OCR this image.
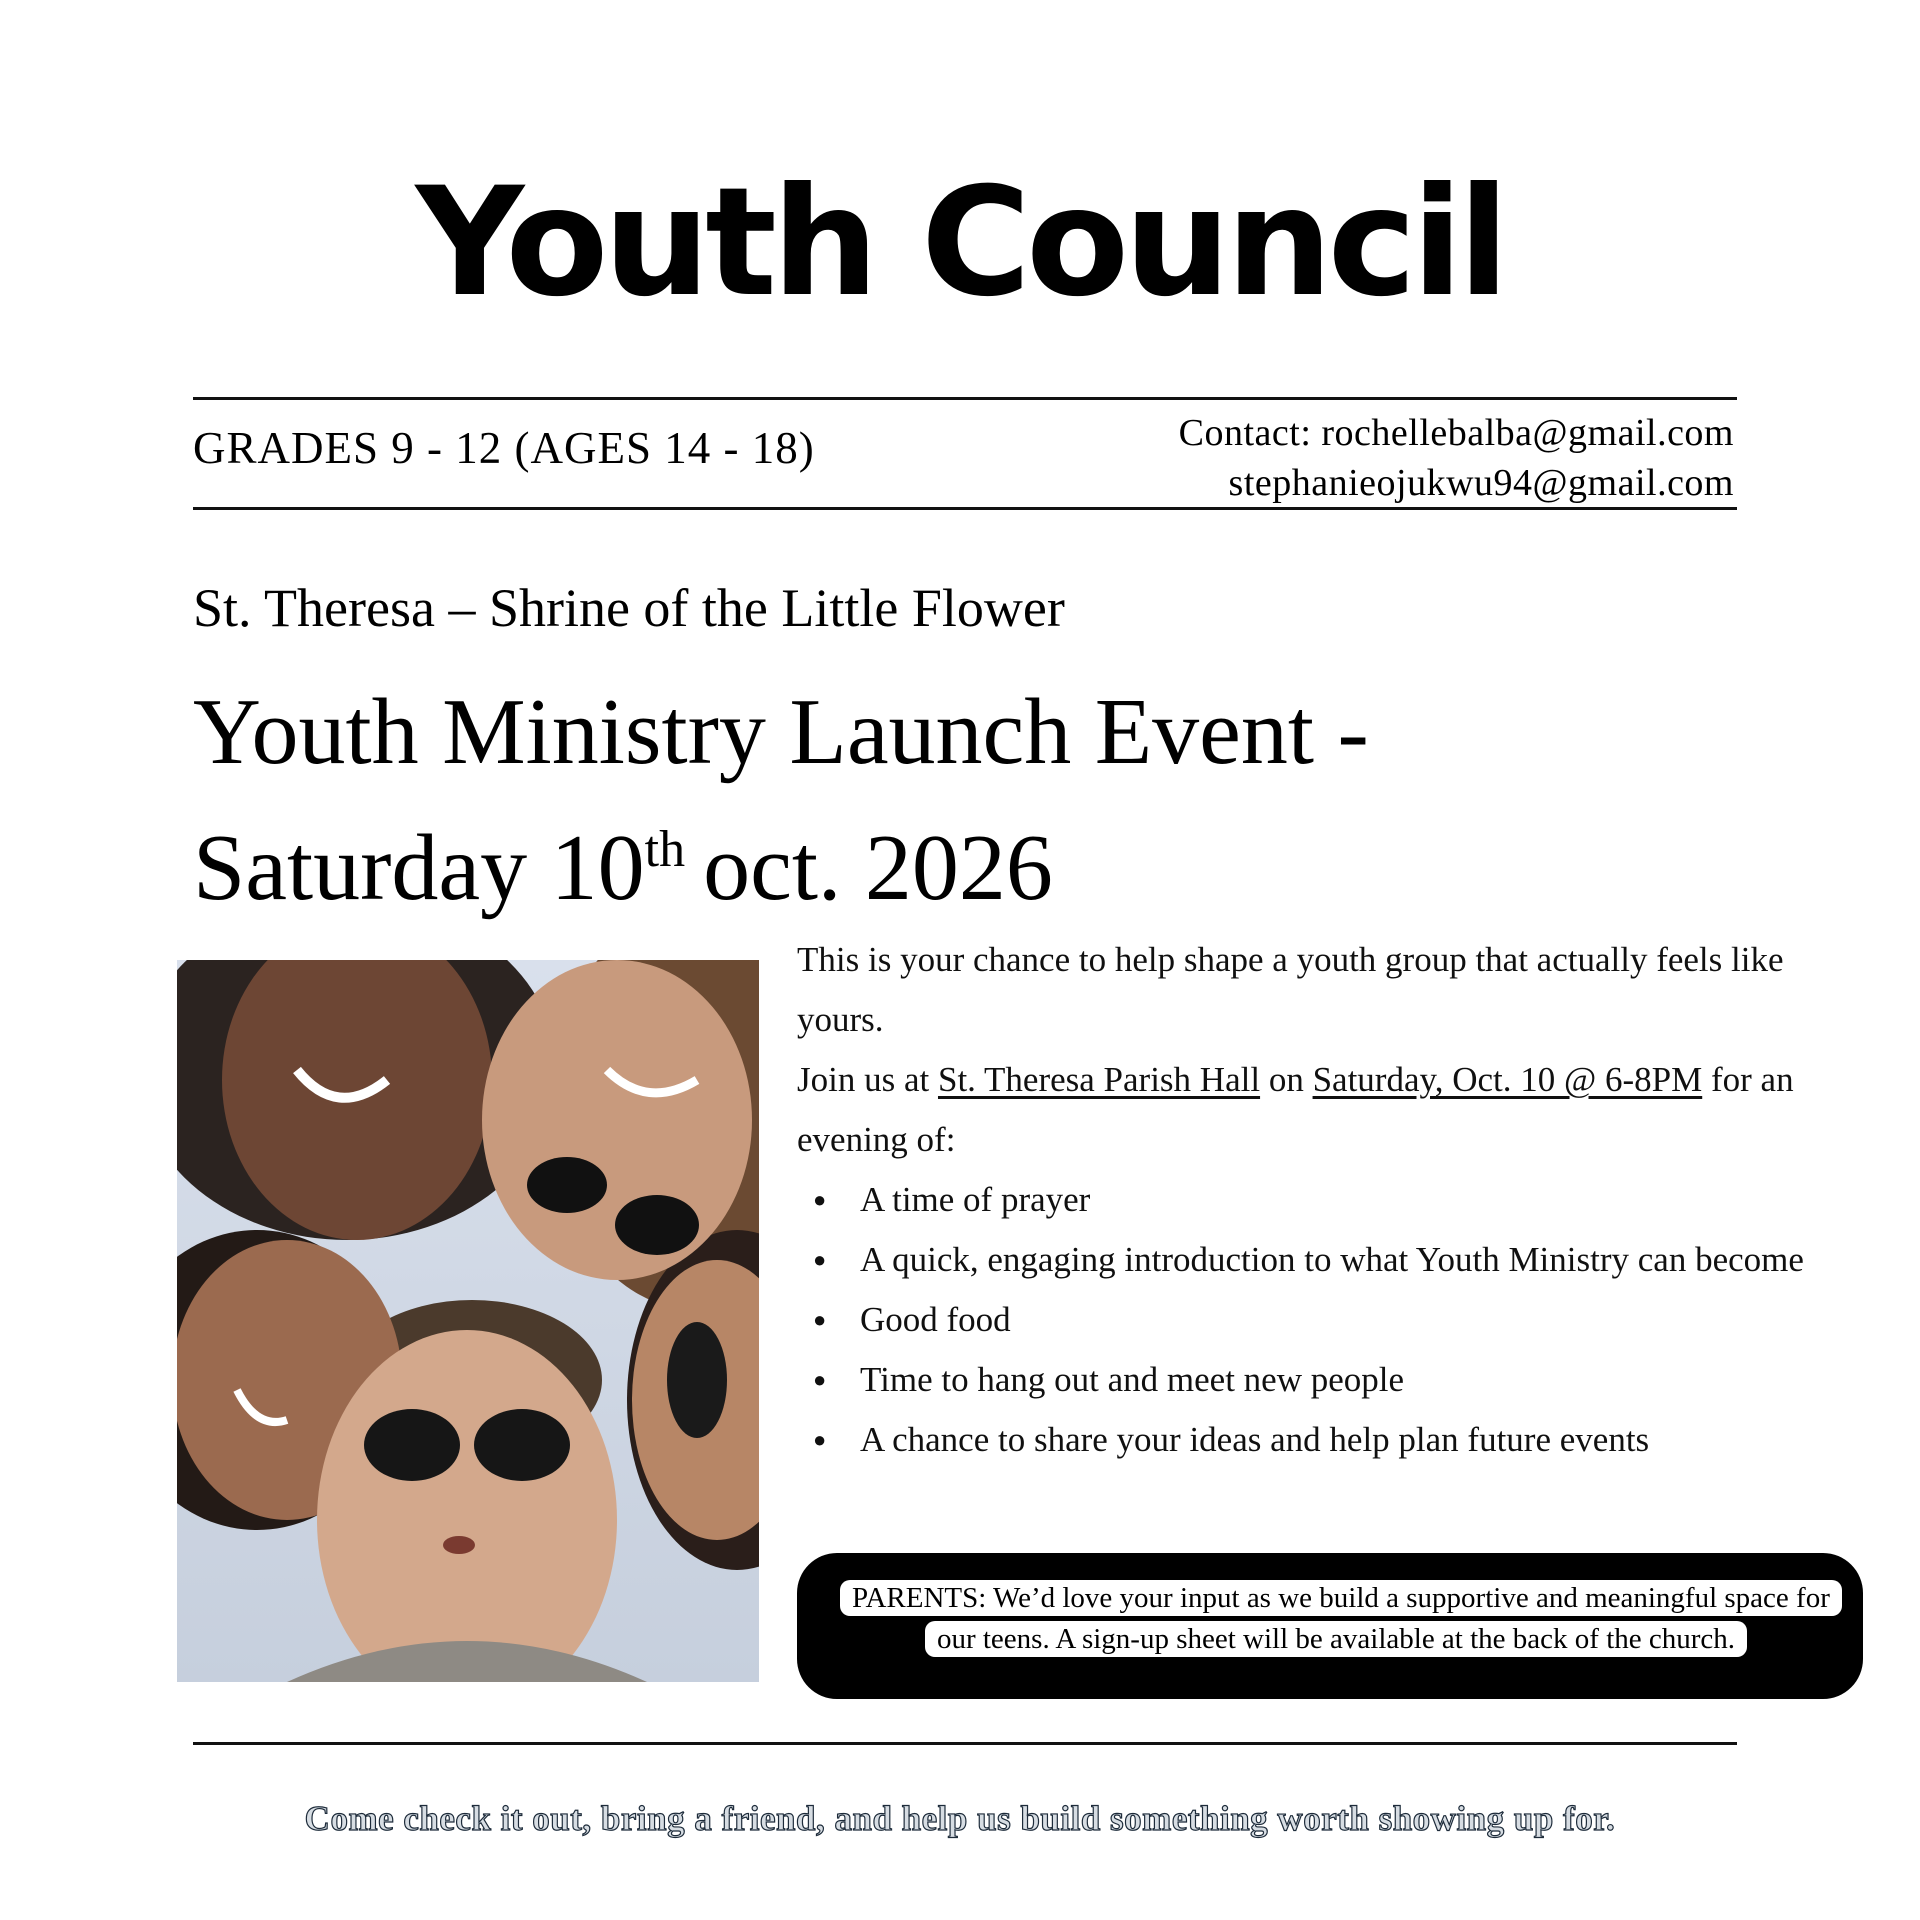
Youth Council
GRADES 9 - 12 (AGES 14 - 18)	Contact: rochellebalba@gmail.com
stephanieojukwu94@gmail.com
St. Theresa – Shrine of the Little Flower
Youth Ministry Launch Event -
Saturday 10th oct. 2026

This is your chance to help shape a youth group that actually feels like yours.

Join us at St. Theresa Parish Hall on Saturday, Oct. 10 @ 6-8PM for an evening of:

● A time of prayer
● A quick, engaging introduction to what Youth Ministry can become
● Good food
● Time to hang out and meet new people
● A chance to share your ideas and help plan future events
PARENTS: We’d love your input as we build a supportive and meaningful space for our teens. A sign-up sheet will be available at the back of the church.
Come check it out, bring a friend, and help us build something worth showing up for.
